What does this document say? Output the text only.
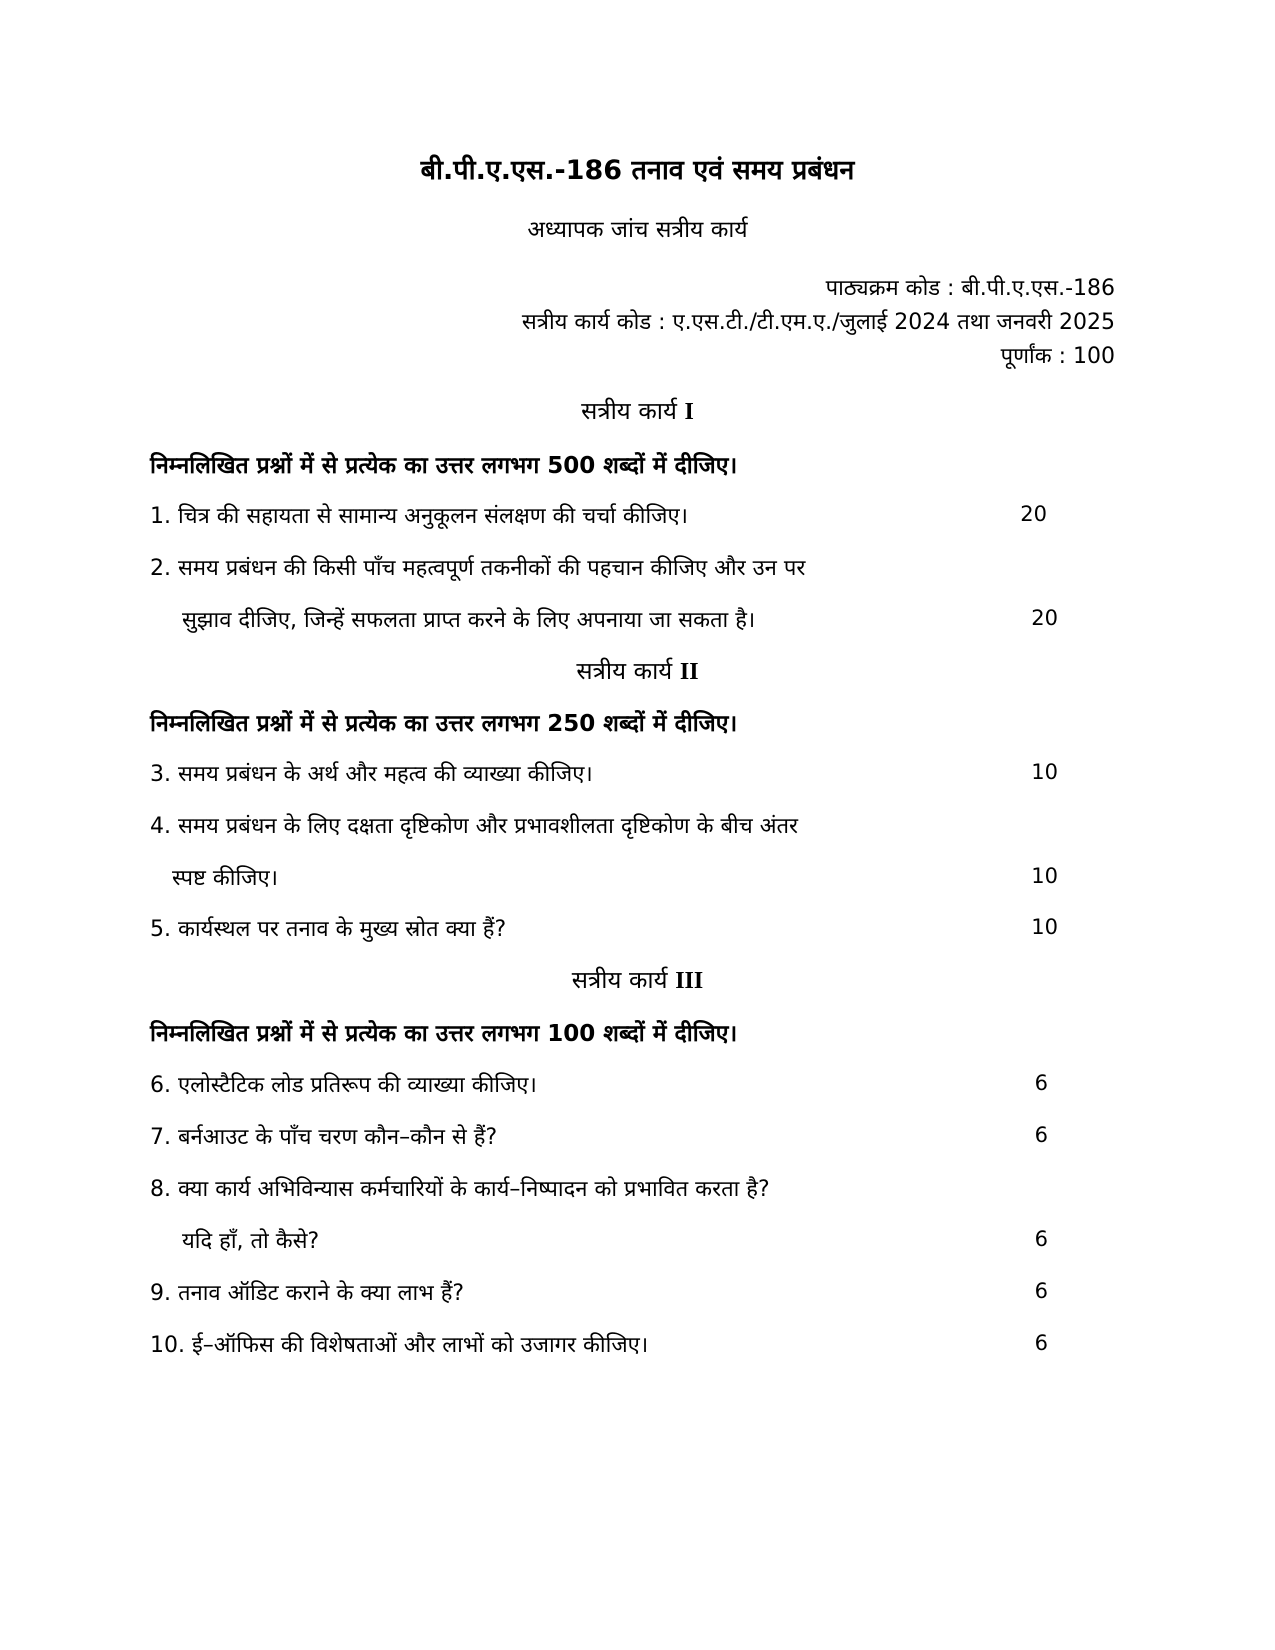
बी.पी.ए.एस.-186 तनाव एवं समय प्रबंधन

अध्यापक जांच सत्रीय कार्य

पाठ्यक्रम कोड : बी.पी.ए.एस.-186

सत्रीय कार्य कोड : ए.एस.टी./टी.एम.ए./जुलाई 2024 तथा जनवरी 2025

पूर्णांक : 100

सत्रीय कार्य I

निम्नलिखित प्रश्नों में से प्रत्येक का उत्तर लगभग 500 शब्दों में दीजिए।

1. चित्र की सहायता से सामान्य अनुकूलन संलक्षण की चर्चा कीजिए।	20

2. समय प्रबंधन की किसी पाँच महत्वपूर्ण तकनीकों की पहचान कीजिए और उन पर

सुझाव दीजिए, जिन्हें सफलता प्राप्त करने के लिए अपनाया जा सकता है।	20

सत्रीय कार्य II

निम्नलिखित प्रश्नों में से प्रत्येक का उत्तर लगभग 250 शब्दों में दीजिए।

3. समय प्रबंधन के अर्थ और महत्व की व्याख्या कीजिए।	10

4. समय प्रबंधन के लिए दक्षता दृष्टिकोण और प्रभावशीलता दृष्टिकोण के बीच अंतर

स्पष्ट कीजिए।	10

5. कार्यस्थल पर तनाव के मुख्य स्रोत क्या हैं?	10

सत्रीय कार्य III

निम्नलिखित प्रश्नों में से प्रत्येक का उत्तर लगभग 100 शब्दों में दीजिए।

6. एलोस्टैटिक लोड प्रतिरूप की व्याख्या कीजिए।	6

7. बर्नआउट के पाँच चरण कौन–कौन से हैं?	6

8. क्या कार्य अभिविन्यास कर्मचारियों के कार्य–निष्पादन को प्रभावित करता है?

यदि हाँ, तो कैसे?	6

9. तनाव ऑडिट कराने के क्या लाभ हैं?	6

10. ई–ऑफिस की विशेषताओं और लाभों को उजागर कीजिए।	6
